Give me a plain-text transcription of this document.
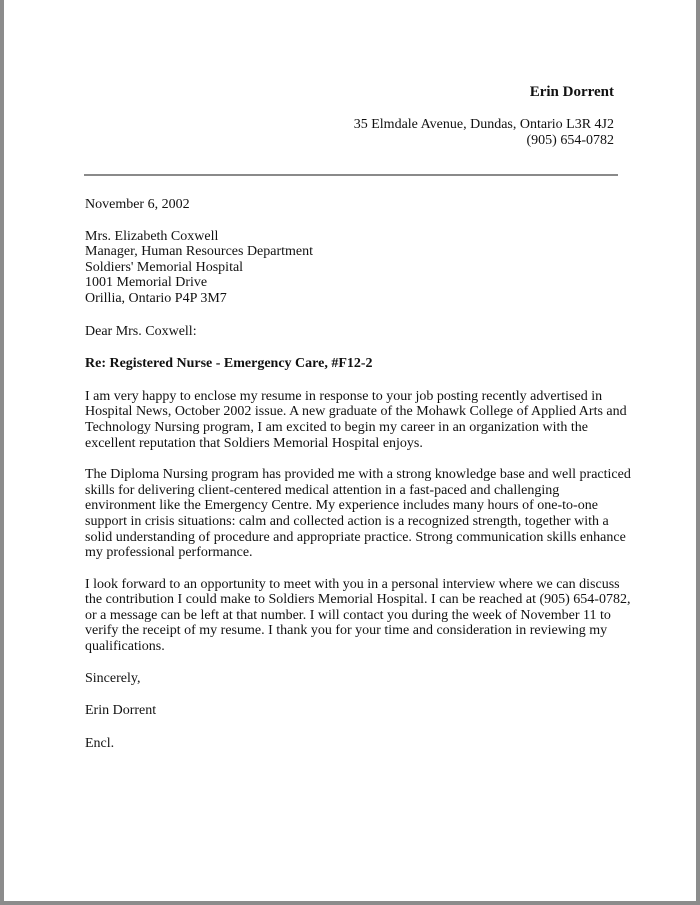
Erin Dorrent
35 Elmdale Avenue, Dundas, Ontario L3R 4J2
(905) 654-0782

November 6, 2002

Mrs. Elizabeth Coxwell
Manager, Human Resources Department
Soldiers' Memorial Hospital
1001 Memorial Drive
Orillia, Ontario P4P 3M7

Dear Mrs. Coxwell:

Re: Registered Nurse - Emergency Care, #F12-2

I am very happy to enclose my resume in response to your job posting recently advertised in
Hospital News, October 2002 issue. A new graduate of the Mohawk College of Applied Arts and
Technology Nursing program, I am excited to begin my career in an organization with the
excellent reputation that Soldiers Memorial Hospital enjoys.

The Diploma Nursing program has provided me with a strong knowledge base and well practiced
skills for delivering client-centered medical attention in a fast-paced and challenging
environment like the Emergency Centre. My experience includes many hours of one-to-one
support in crisis situations: calm and collected action is a recognized strength, together with a
solid understanding of procedure and appropriate practice. Strong communication skills enhance
my professional performance.

I look forward to an opportunity to meet with you in a personal interview where we can discuss
the contribution I could make to Soldiers Memorial Hospital. I can be reached at (905) 654-0782,
or a message can be left at that number. I will contact you during the week of November 11 to
verify the receipt of my resume. I thank you for your time and consideration in reviewing my
qualifications.

Sincerely,

Erin Dorrent

Encl.
